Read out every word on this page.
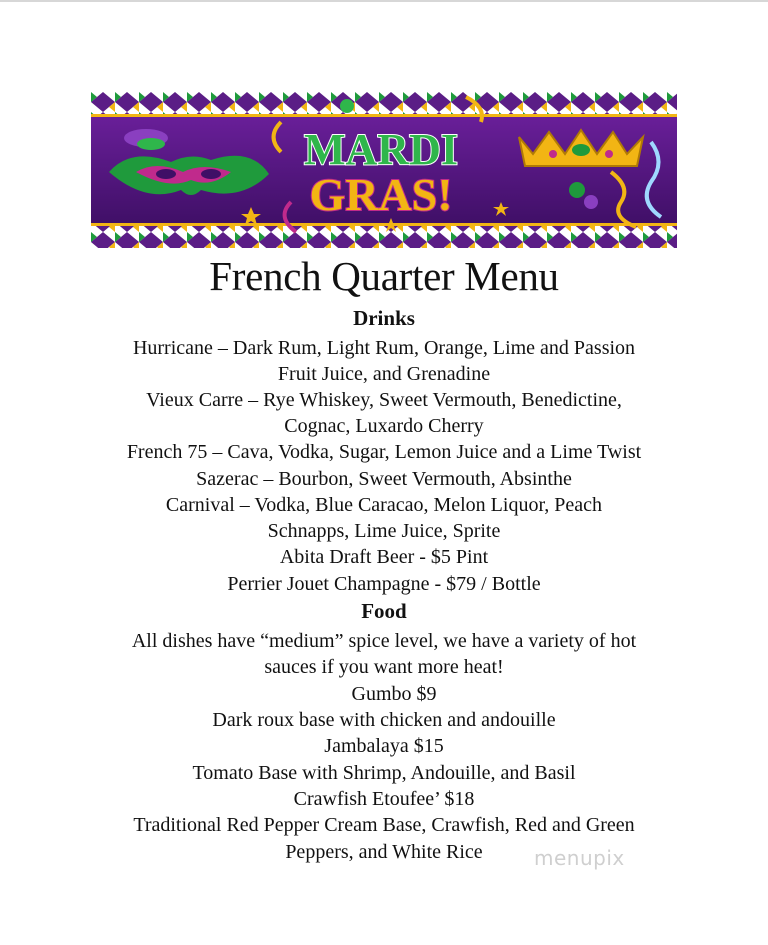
MARDI
GRAS!
French Quarter Menu
Drinks
Hurricane – Dark Rum, Light Rum, Orange, Lime and Passion
Fruit Juice, and Grenadine
Vieux Carre – Rye Whiskey, Sweet Vermouth, Benedictine,
Cognac, Luxardo Cherry
French 75 – Cava, Vodka, Sugar, Lemon Juice and a Lime Twist
Sazerac – Bourbon, Sweet Vermouth, Absinthe
Carnival – Vodka, Blue Caracao, Melon Liquor, Peach
Schnapps, Lime Juice, Sprite
Abita Draft Beer - $5 Pint
Perrier Jouet Champagne - $79 / Bottle
Food
All dishes have “medium” spice level, we have a variety of hot
sauces if you want more heat!
Gumbo $9
Dark roux base with chicken and andouille
Jambalaya $15
Tomato Base with Shrimp, Andouille, and Basil
Crawfish Etoufee’ $18
Traditional Red Pepper Cream Base, Crawfish, Red and Green
Peppers, and White Rice	menupix
